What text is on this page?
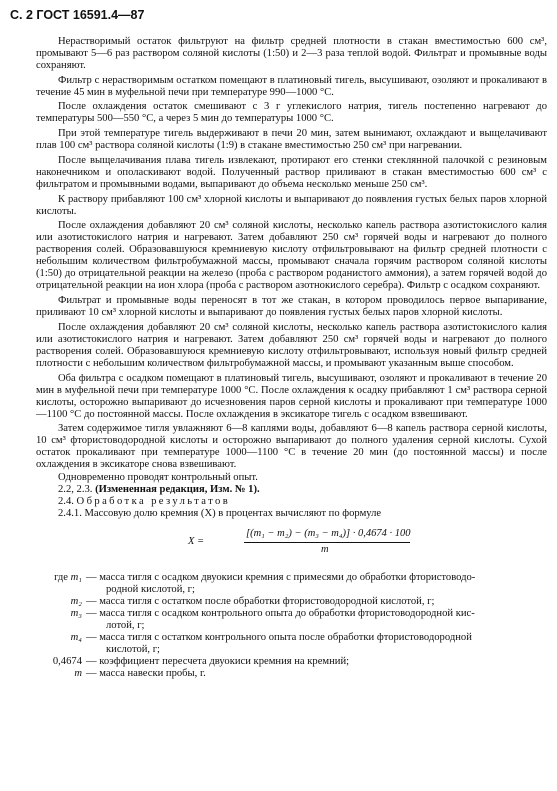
С. 2 ГОСТ 16591.4—87

Нерастворимый остаток фильтруют на фильтр средней плотности в стакан вместимостью 600 см³, промывают 5—6 раз раствором соляной кислоты (1:50) и 2—3 раза теплой водой. Фильтрат и промывные воды сохраняют.

Фильтр с нерастворимым остатком помещают в платиновый тигель, высушивают, озоляют и прокаливают в течение 45 мин в муфельной печи при температуре 990—1000 °С.

После охлаждения остаток смешивают с 3 г углекислого натрия, тигель постепенно нагревают до температуры 500—550 °С, а через 5 мин до температуры 1000 °С.

При этой температуре тигель выдерживают в печи 20 мин, затем вынимают, охлаждают и выщелачивают плав 100 см³ раствора соляной кислоты (1:9) в стакане вместимостью 250 см³ при нагревании.

После выщелачивания плава тигель извлекают, протирают его стенки стеклянной палочкой с резиновым наконечником и ополаскивают водой. Полученный раствор приливают в стакан вместимостью 600 см³ с фильтратом и промывными водами, выпаривают до объема несколько меньше 250 см³.

К раствору прибавляют 100 см³ хлорной кислоты и выпаривают до появления густых белых паров хлорной кислоты.

После охлаждения добавляют 20 см³ соляной кислоты, несколько капель раствора азотистокислого калия или азотистокислого натрия и нагревают. Затем добавляют 250 см³ горячей воды и нагревают до полного растворения солей. Образовавшуюся кремниевую кислоту отфильтровывают на фильтр средней плотности с небольшим количеством фильтробумажной массы, промывают сначала горячим раствором соляной кислоты (1:50) до отрицательной реакции на железо (проба с раствором роданистого аммония), а затем горячей водой до отрицательной реакции на ион хлора (проба с раствором азотнокислого серебра). Фильтр с осадком сохраняют.

Фильтрат и промывные воды переносят в тот же стакан, в котором проводилось первое выпаривание, приливают 10 см³ хлорной кислоты и выпаривают до появления густых белых паров хлорной кислоты.

После охлаждения добавляют 20 см³ соляной кислоты, несколько капель раствора азотистокислого калия или азотистокислого натрия и нагревают. Затем добавляют 250 см³ горячей воды и нагревают до полного растворения солей. Образовавшуюся кремниевую кислоту отфильтровывают, используя новый фильтр средней плотности с небольшим количеством фильтробумажной массы, и промывают указанным выше способом.

Оба фильтра с осадком помещают в платиновый тигель, высушивают, озоляют и прокаливают в течение 20 мин в муфельной печи при температуре 1000 °С. После охлаждения к осадку прибавляют 1 см³ раствора серной кислоты, осторожно выпаривают до исчезновения паров серной кислоты и прокаливают при температуре 1000—1100 °С до постоянной массы. После охлаждения в эксикаторе тигель с осадком взвешивают.

Затем содержимое тигля увлажняют 6—8 каплями воды, добавляют 6—8 капель раствора серной кислоты, 10 см³ фтористоводородной кислоты и осторожно выпаривают до полного удаления серной кислоты. Сухой остаток прокаливают при температуре 1000—1100 °С в течение 20 мин (до постоянной массы) и после охлаждения в эксикаторе снова взвешивают.

Одновременно проводят контрольный опыт.

2.2, 2.3. (Измененная редакция, Изм. № 1).

2.4. Обработка результатов

2.4.1. Массовую долю кремния (X) в процентах вычисляют по формуле

X =
[(m₁ − m₂) − (m₃ − m₄)] · 0,4674 · 100
m
где m₁ — масса тигля с осадком двуокиси кремния с примесями до обработки фтористоводо-
родной кислотой, г;
m₂ — масса тигля с остатком после обработки фтористоводородной кислотой, г;
m₃ — масса тигля с осадком контрольного опыта до обработки фтористоводородной кис-
лотой, г;
m₄ — масса тигля с остатком контрольного опыта после обработки фтористоводородной
кислотой, г;
0,4674 — коэффициент пересчета двуокиси кремния на кремний;
m — масса навески пробы, г.
